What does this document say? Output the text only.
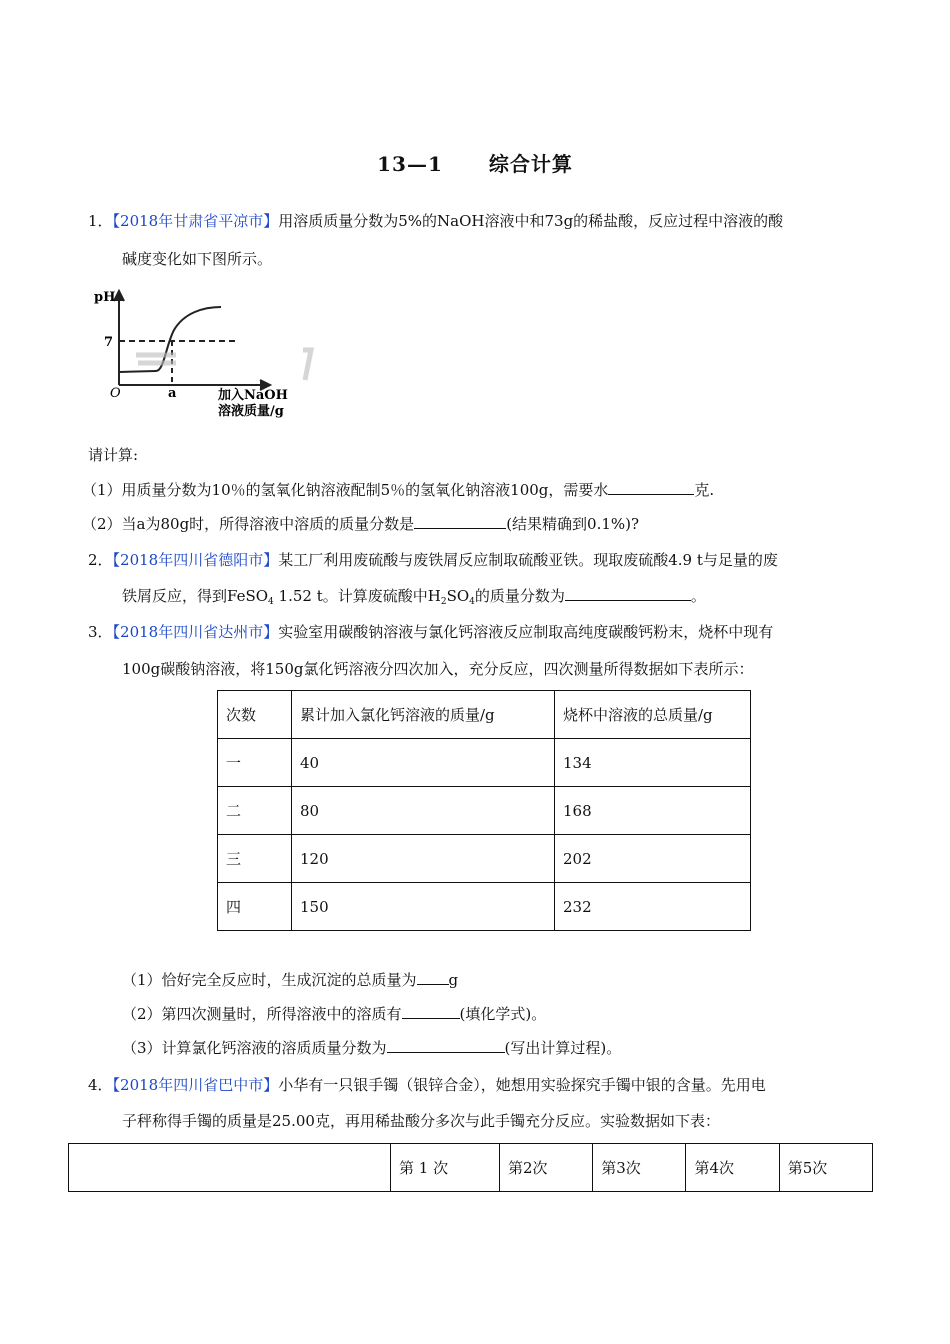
13—1 综合计算
1．【2018年甘肃省平凉市】用溶质质量分数为5%的NaOH溶液中和73g的稀盐酸，反应过程中溶液的酸
碱度变化如下图所示。
pH
7
O	a	加入NaOH
溶液质量/g
请计算:
（1）用质量分数为10％的氢氧化钠溶液配制5％的氢氧化钠溶液100g，需要水	克.
（2）当a为80g时，所得溶液中溶质的质量分数是	(结果精确到0.1%)?
2．【2018年四川省德阳市】某工厂利用废硫酸与废铁屑反应制取硫酸亚铁。现取废硫酸4.9 t与足量的废
铁屑反应，得到FeSO$_4$ 1.52 t。计算废硫酸中$H_2SO_4$的质量分数为	。
3．【2018年四川省达州市】实验室用碳酸钠溶液与氯化钙溶液反应制取高纯度碳酸钙粉末，烧杯中现有
100g碳酸钠溶液，将150g氯化钙溶液分四次加入，充分反应，四次测量所得数据如下表所示：
次数	累计加入氯化钙溶液的质量/g	烧杯中溶液的总质量/g
一	40	134
二	80	168
三	120	202
四	150	232
（1）恰好完全反应时，生成沉淀的总质量为 g
（2）第四次测量时，所得溶液中的溶质有	(填化学式)。
（3）计算氯化钙溶液的溶质质量分数为	(写出计算过程)。
4．【2018年四川省巴中市】小华有一只银手镯（银锌合金），她想用实验探究手镯中银的含量。先用电
子秤称得手镯的质量是25.00克，再用稀盐酸分多次与此手镯充分反应。实验数据如下表：
	第 1 次	第2次	第3次	第4次	第5次
